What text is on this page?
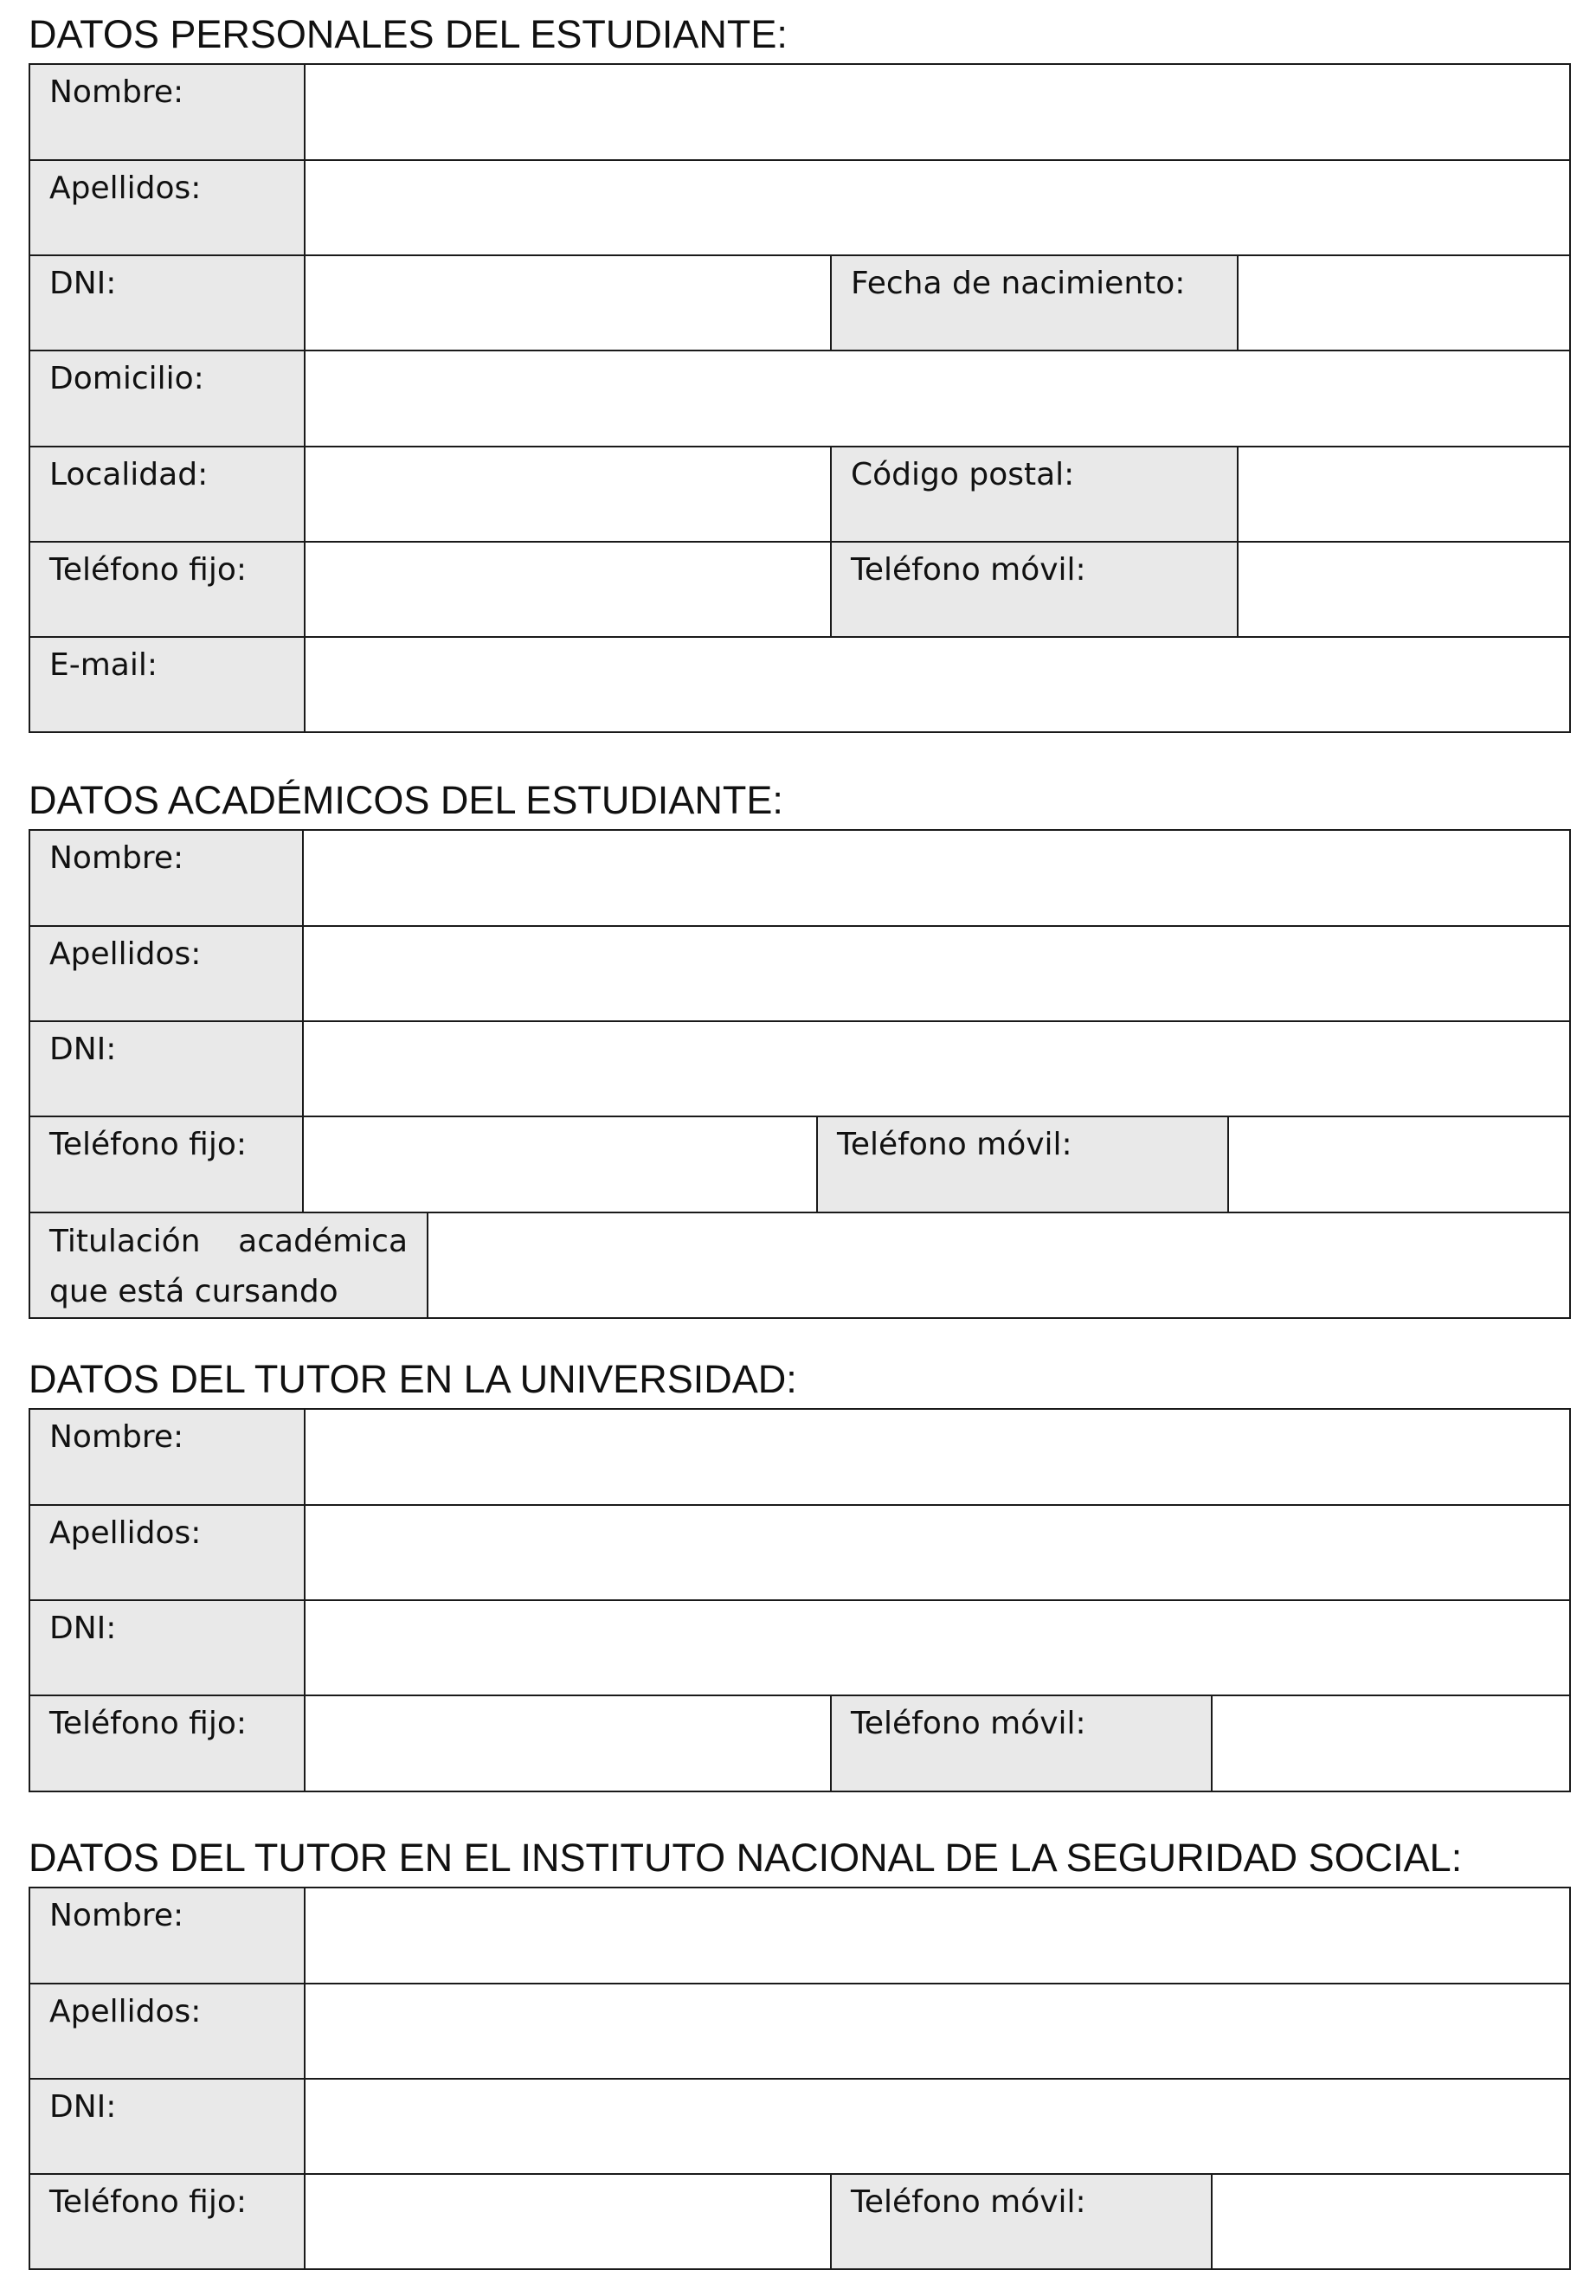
DATOS PERSONALES DEL ESTUDIANTE:
Nombre:			

Apellidos:			

DNI:		Fecha de nacimiento:	

Domicilio:			

Localidad:		Código postal:	

Teléfono fijo:		Teléfono móvil:	

E-mail:			

DATOS ACADÉMICOS DEL ESTUDIANTE:
Nombre:				

Apellidos:				

DNI:				

Teléfono fijo:			Teléfono móvil:	

Titulación académica que está cursando				

DATOS DEL TUTOR EN LA UNIVERSIDAD:
Nombre:			

Apellidos:			

DNI:			

Teléfono fijo:		Teléfono móvil:	

DATOS DEL TUTOR EN EL INSTITUTO NACIONAL DE LA SEGURIDAD SOCIAL:
Nombre:			

Apellidos:			

DNI:			

Teléfono fijo:		Teléfono móvil:	
